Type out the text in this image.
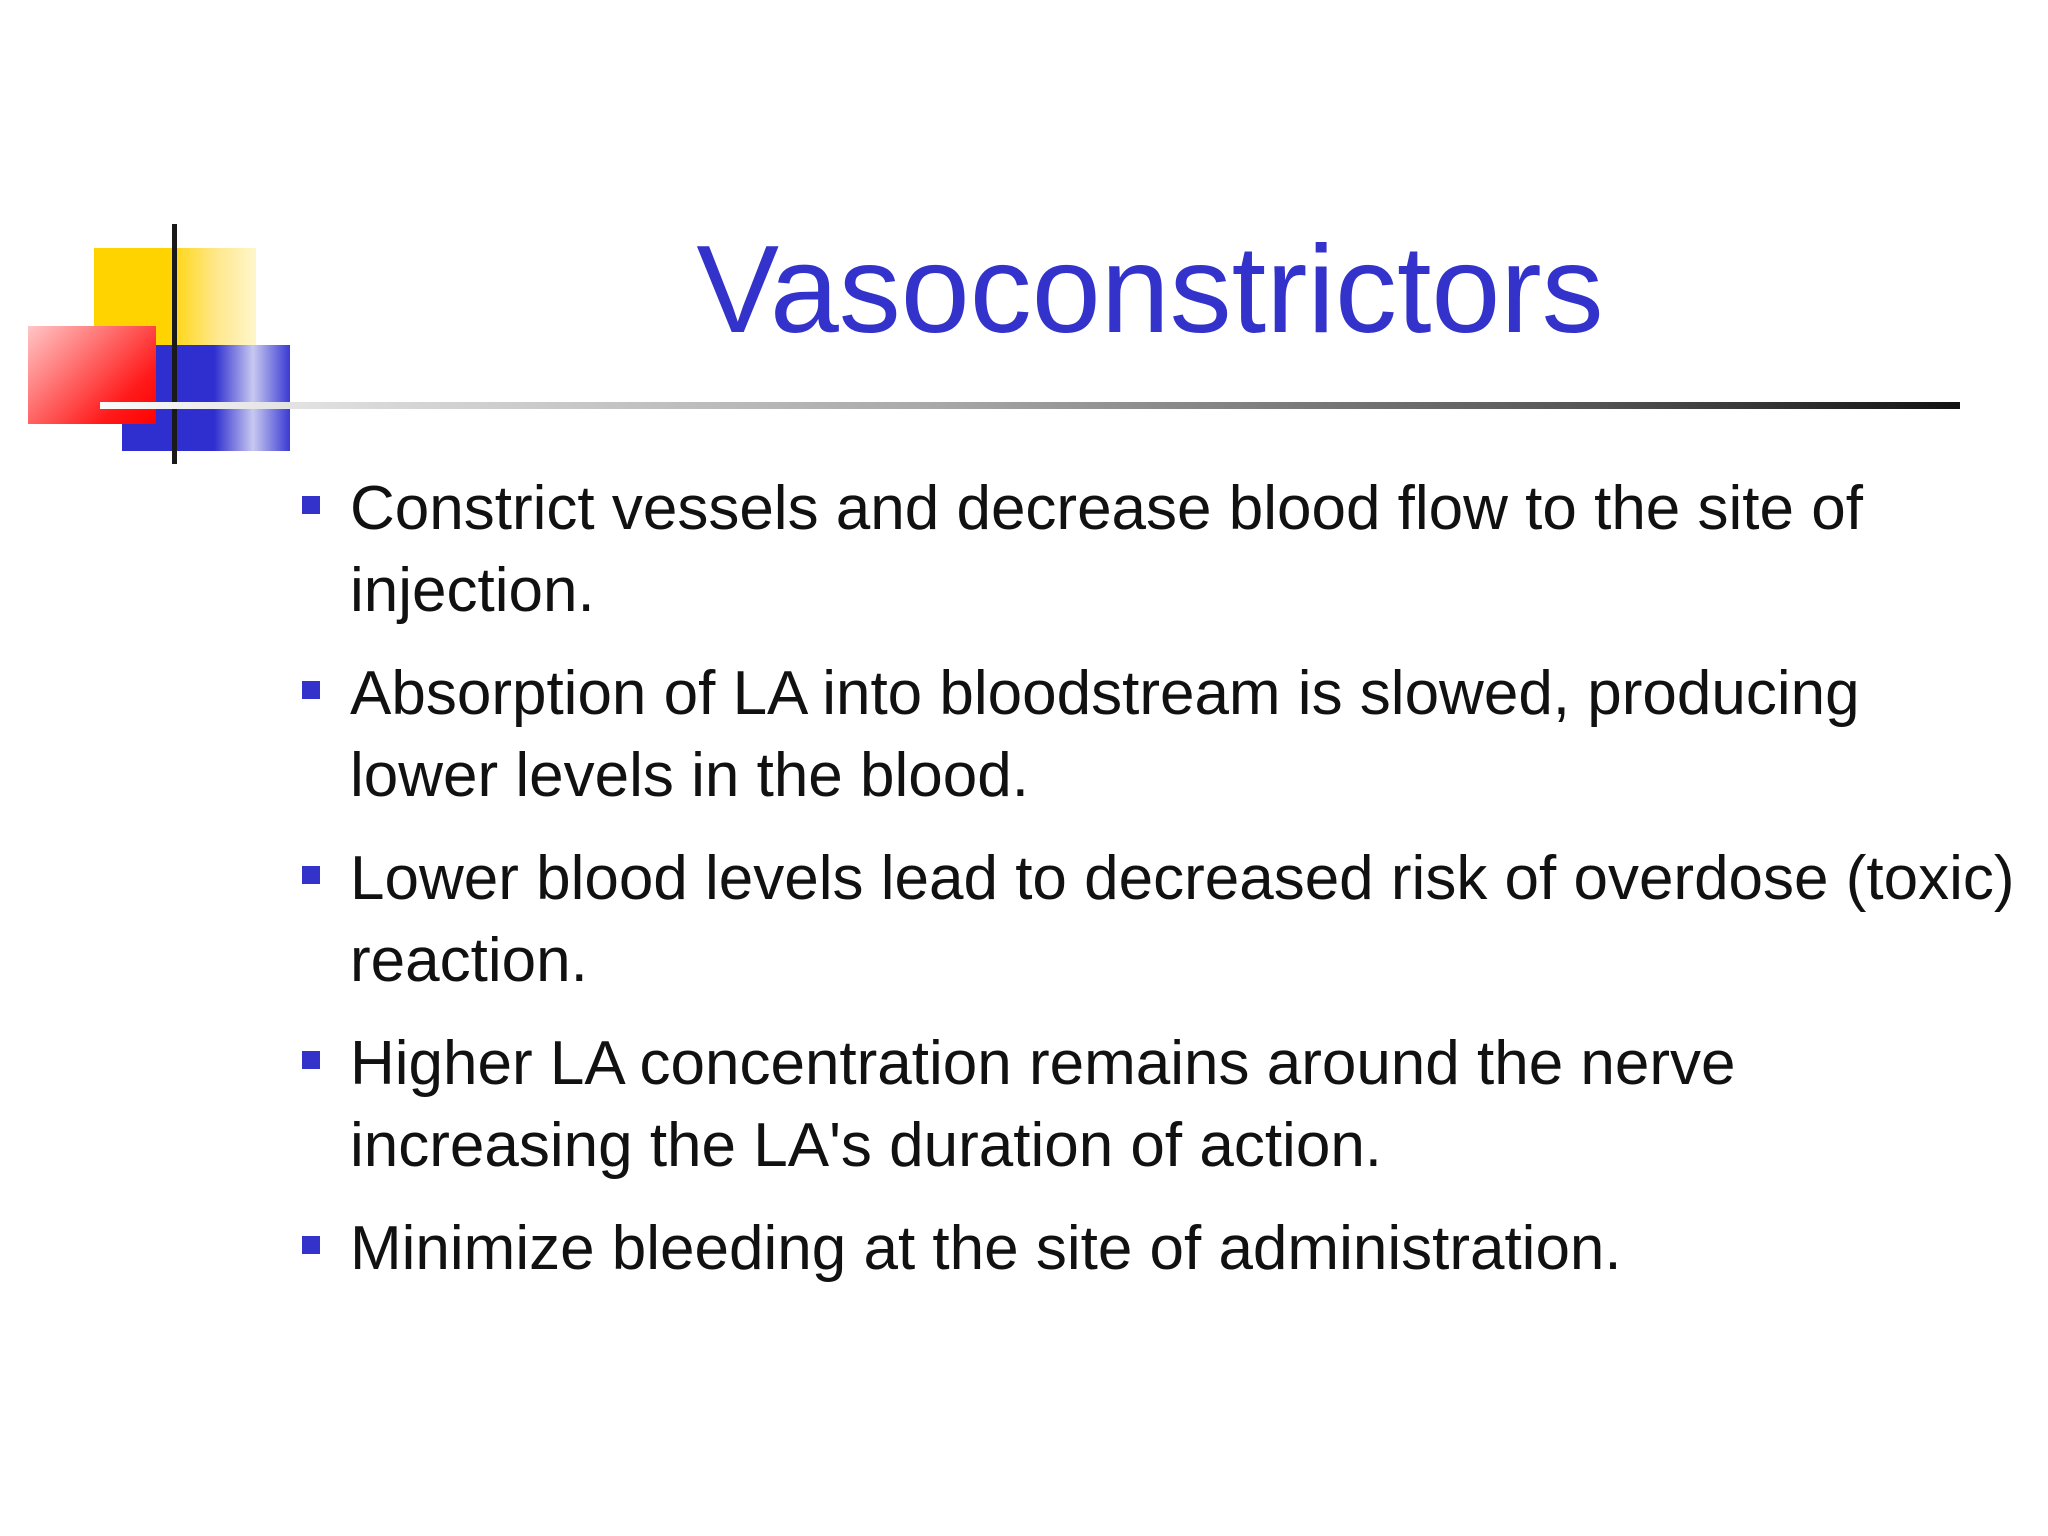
Vasoconstrictors
Constrict vessels and decrease blood flow to the site of injection.
Absorption of LA into bloodstream is slowed, producing lower levels in the blood.
Lower blood levels lead to decreased risk of overdose (toxic) reaction.
Higher LA concentration remains around the nerve increasing the LA's duration of action.
Minimize bleeding at the site of administration.
